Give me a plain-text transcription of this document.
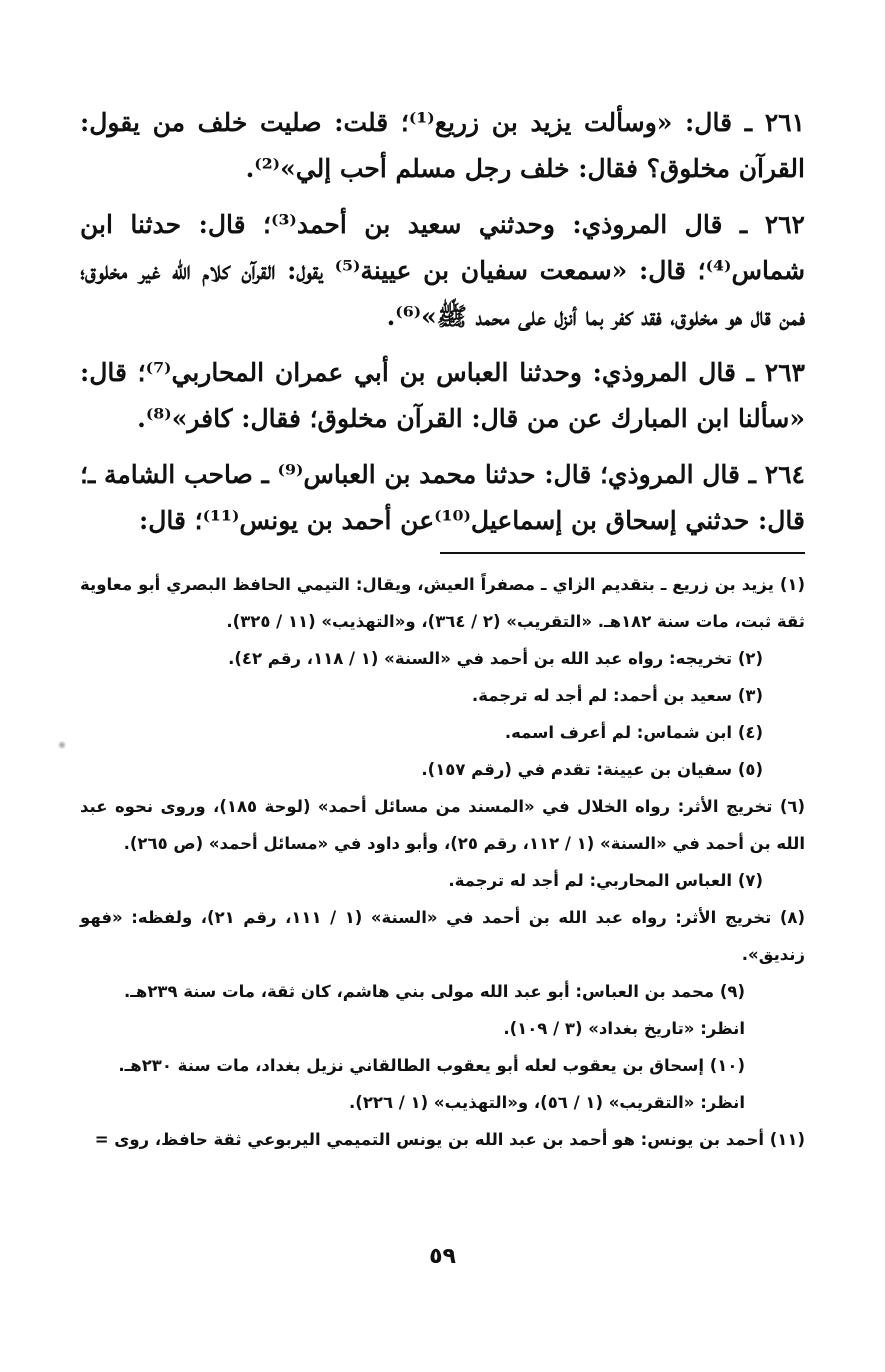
٢٦١ ـ قال: «وسألت يزيد بن زريع⁽¹⁾؛ قلت: صليت خلف من يقول: القرآن مخلوق؟ فقال: خلف رجل مسلم أحب إلي»⁽²⁾.

٢٦٢ ـ قال المروذي: وحدثني سعيد بن أحمد⁽³⁾؛ قال: حدثنا ابن شماس⁽⁴⁾؛ قال: «سمعت سفيان بن عيينة⁽⁵⁾ يقول: القرآن كلام الله غير مخلوق؛ فمن قال هو مخلوق، فقد كفر بما أنزل على محمد ﷺ»⁽⁶⁾.

٢٦٣ ـ قال المروذي: وحدثنا العباس بن أبي عمران المحاربي⁽⁷⁾؛ قال: «سألنا ابن المبارك عن من قال: القرآن مخلوق؛ فقال: كافر»⁽⁸⁾.

٢٦٤ ـ قال المروذي؛ قال: حدثنا محمد بن العباس⁽⁹⁾ ـ صاحب الشامة ـ؛ قال: حدثني إسحاق بن إسماعيل⁽¹⁰⁾عن أحمد بن يونس⁽¹¹⁾؛ قال:

(١) يزيد بن زريع ـ بتقديم الزاي ـ مصفراً العيش، ويقال: التيمي الحافظ البصري أبو معاوية ثقة ثبت، مات سنة ١٨٢هـ. «التقريب» (٢ / ٣٦٤)، و«التهذيب» (١١ / ٣٢٥).

(٢) تخريجه: رواه عبد الله بن أحمد في «السنة» (١ / ١١٨، رقم ٤٢).

(٣) سعيد بن أحمد: لم أجد له ترجمة.

(٤) ابن شماس: لم أعرف اسمه.

(٥) سفيان بن عيينة: تقدم في (رقم ١٥٧).

(٦) تخريج الأثر: رواه الخلال في «المسند من مسائل أحمد» (لوحة ١٨٥)، وروى نحوه عبد الله بن أحمد في «السنة» (١ / ١١٢، رقم ٢٥)، وأبو داود في «مسائل أحمد» (ص ٢٦٥).

(٧) العباس المحاربي: لم أجد له ترجمة.

(٨) تخريج الأثر: رواه عبد الله بن أحمد في «السنة» (١ / ١١١، رقم ٢١)، ولفظه: «فهو زنديق».

(٩) محمد بن العباس: أبو عبد الله مولى بني هاشم، كان ثقة، مات سنة ٢٣٩هـ.

انظر: «تاريخ بغداد» (٣ / ١٠٩).

(١٠) إسحاق بن يعقوب لعله أبو يعقوب الطالقاني نزيل بغداد، مات سنة ٢٣٠هـ.

انظر: «التقريب» (١ / ٥٦)، و«التهذيب» (١ / ٢٢٦).

(١١) أحمد بن يونس: هو أحمد بن عبد الله بن يونس التميمي اليربوعي ثقة حافظ، روى =

٥٩
